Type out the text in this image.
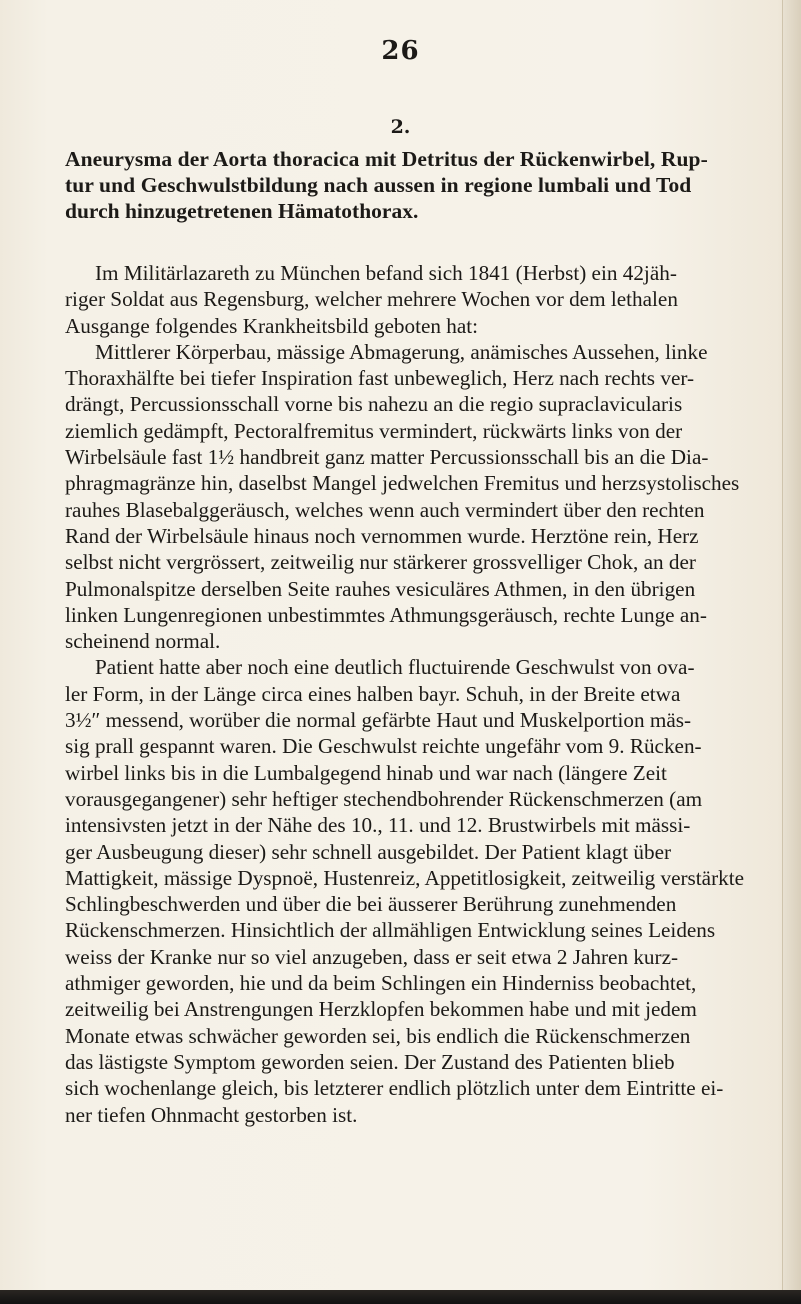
26
2.
Aneurysma der Aorta thoracica mit Detritus der Rückenwirbel, Rup-
tur und Geschwulstbildung nach aussen in regione lumbali und Tod
durch hinzugetretenen Hämatothorax.
Im Militärlazareth zu München befand sich 1841 (Herbst) ein 42jäh-
riger Soldat aus Regensburg, welcher mehrere Wochen vor dem lethalen
Ausgange folgendes Krankheitsbild geboten hat:
Mittlerer Körperbau, mässige Abmagerung, anämisches Aussehen, linke
Thoraxhälfte bei tiefer Inspiration fast unbeweglich, Herz nach rechts ver-
drängt, Percussionsschall vorne bis nahezu an die regio supraclavicularis
ziemlich gedämpft, Pectoralfremitus vermindert, rückwärts links von der
Wirbelsäule fast 1½ handbreit ganz matter Percussionsschall bis an die Dia-
phragmagränze hin, daselbst Mangel jedwelchen Fremitus und herzsystolisches
rauhes Blasebalggeräusch, welches wenn auch vermindert über den rechten
Rand der Wirbelsäule hinaus noch vernommen wurde. Herztöne rein, Herz
selbst nicht vergrössert, zeitweilig nur stärkerer grossvelliger Chok, an der
Pulmonalspitze derselben Seite rauhes vesiculäres Athmen, in den übrigen
linken Lungenregionen unbestimmtes Athmungsgeräusch, rechte Lunge an-
scheinend normal.
Patient hatte aber noch eine deutlich fluctuirende Geschwulst von ova-
ler Form, in der Länge circa eines halben bayr. Schuh, in der Breite etwa
3½″ messend, worüber die normal gefärbte Haut und Muskelportion mäs-
sig prall gespannt waren. Die Geschwulst reichte ungefähr vom 9. Rücken-
wirbel links bis in die Lumbalgegend hinab und war nach (längere Zeit
vorausgegangener) sehr heftiger stechendbohrender Rückenschmerzen (am
intensivsten jetzt in der Nähe des 10., 11. und 12. Brustwirbels mit mässi-
ger Ausbeugung dieser) sehr schnell ausgebildet. Der Patient klagt über
Mattigkeit, mässige Dyspnoë, Hustenreiz, Appetitlosigkeit, zeitweilig verstärkte
Schlingbeschwerden und über die bei äusserer Berührung zunehmenden
Rückenschmerzen. Hinsichtlich der allmähligen Entwicklung seines Leidens
weiss der Kranke nur so viel anzugeben, dass er seit etwa 2 Jahren kurz-
athmiger geworden, hie und da beim Schlingen ein Hinderniss beobachtet,
zeitweilig bei Anstrengungen Herzklopfen bekommen habe und mit jedem
Monate etwas schwächer geworden sei, bis endlich die Rückenschmerzen
das lästigste Symptom geworden seien. Der Zustand des Patienten blieb
sich wochenlange gleich, bis letzterer endlich plötzlich unter dem Eintritte ei-
ner tiefen Ohnmacht gestorben ist.
